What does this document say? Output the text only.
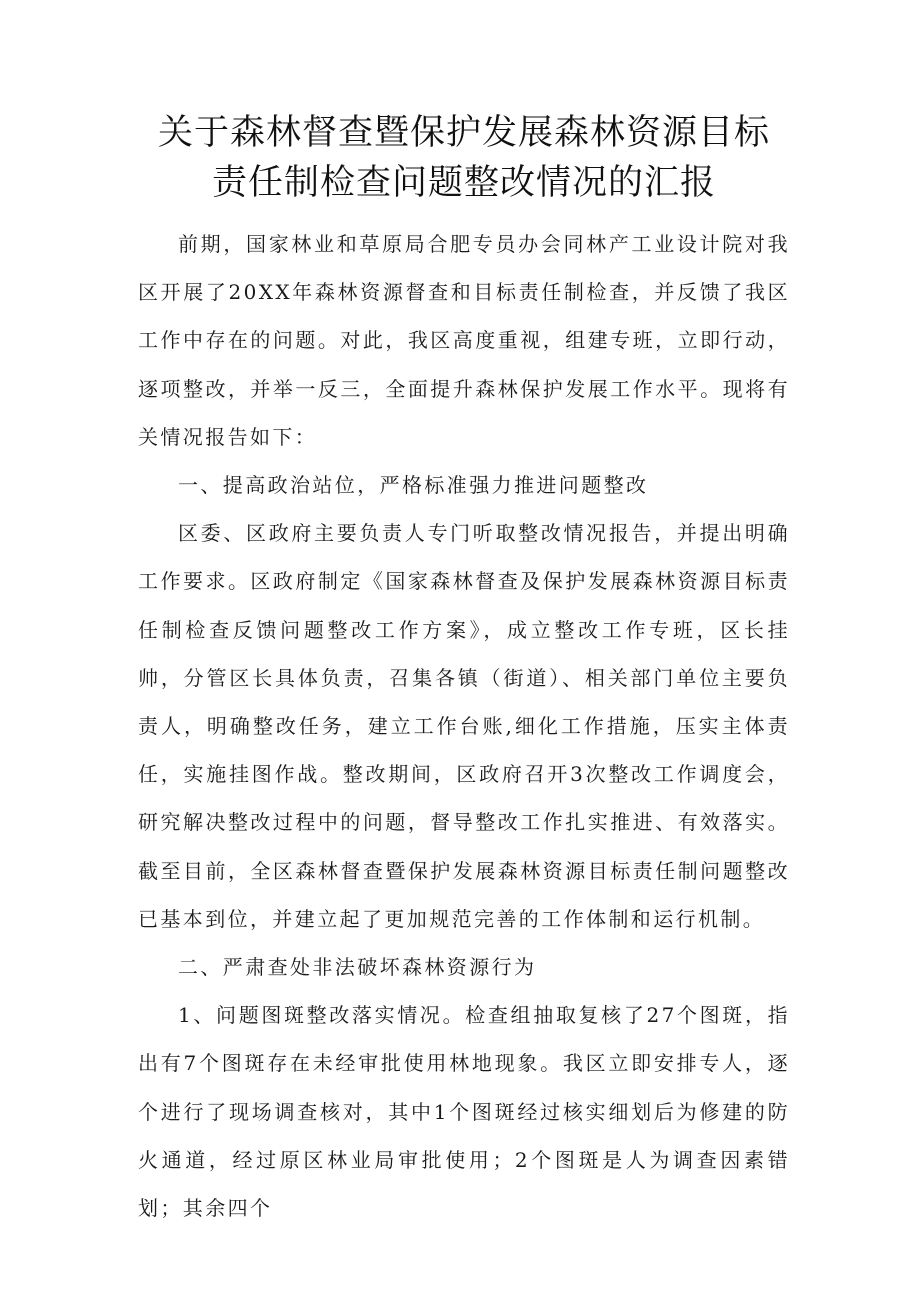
关于森林督查暨保护发展森林资源目标
责任制检查问题整改情况的汇报

前期，国家林业和草原局合肥专员办会同林产工业设计院对我区开展了20XX年森林资源督查和目标责任制检查，并反馈了我区工作中存在的问题。对此，我区高度重视，组建专班，立即行动，逐项整改，并举一反三，全面提升森林保护发展工作水平。现将有关情况报告如下：

一、提高政治站位，严格标准强力推进问题整改

区委、区政府主要负责人专门听取整改情况报告，并提出明确工作要求。区政府制定《国家森林督查及保护发展森林资源目标责任制检查反馈问题整改工作方案》，成立整改工作专班，区长挂帅，分管区长具体负责，召集各镇（街道）、相关部门单位主要负责人，明确整改任务，建立工作台账,细化工作措施，压实主体责任，实施挂图作战。整改期间，区政府召开3次整改工作调度会，研究解决整改过程中的问题，督导整改工作扎实推进、有效落实。截至目前，全区森林督查暨保护发展森林资源目标责任制问题整改已基本到位，并建立起了更加规范完善的工作体制和运行机制。

二、严肃查处非法破坏森林资源行为

1、问题图斑整改落实情况。检查组抽取复核了27个图斑，指出有7个图斑存在未经审批使用林地现象。我区立即安排专人，逐个进行了现场调查核对，其中1个图斑经过核实细划后为修建的防火通道，经过原区林业局审批使用；2个图斑是人为调查因素错划；其余四个
